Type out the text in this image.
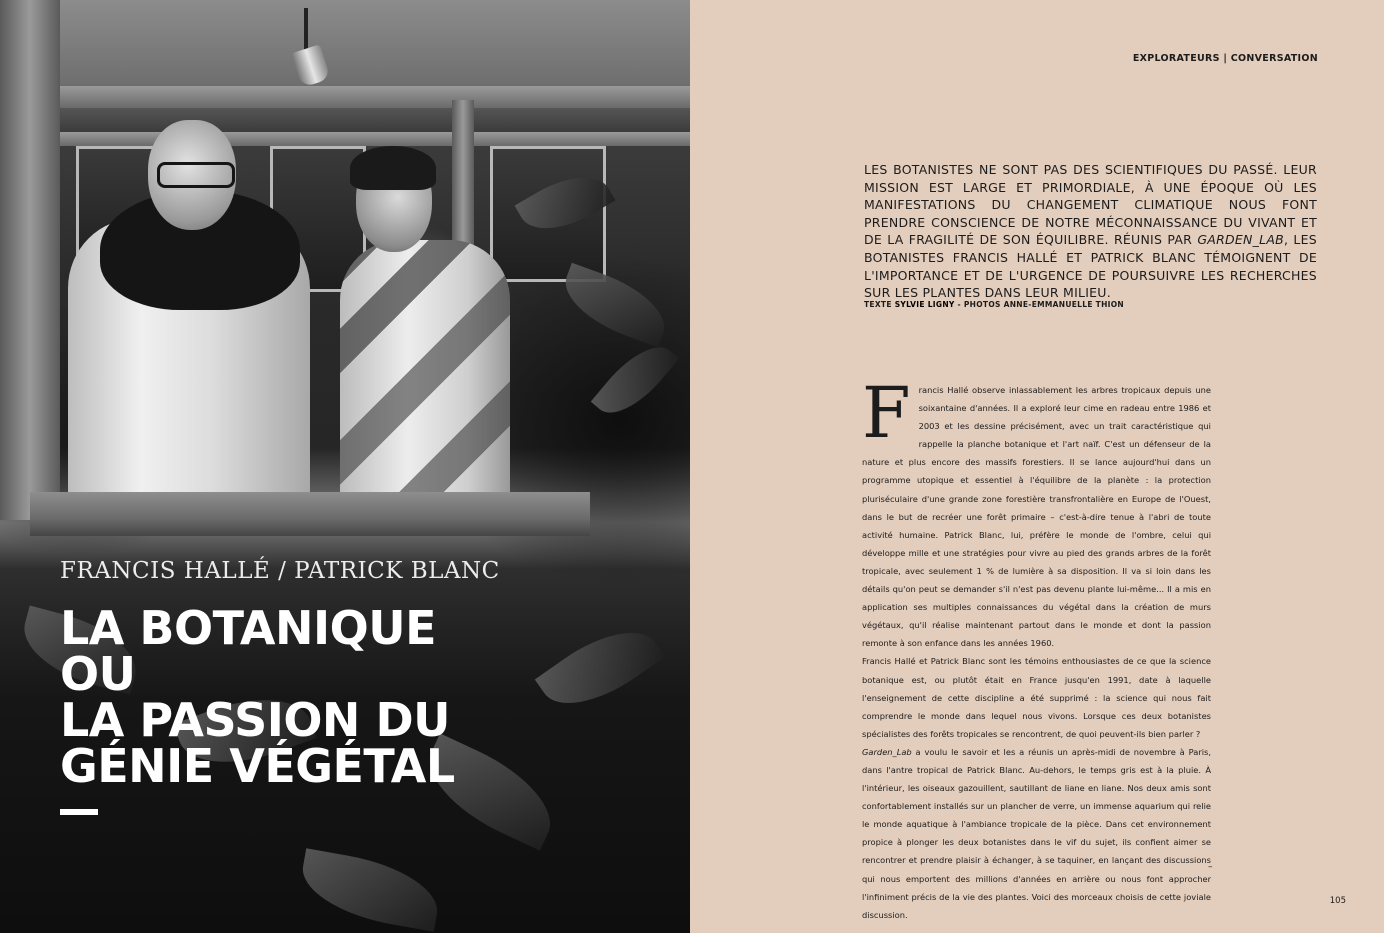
FRANCIS HALLÉ / PATRICK BLANC
LA BOTANIQUE
OU
LA PASSION DU
GÉNIE VÉGÉTAL
EXPLORATEURS | CONVERSATION
LES BOTANISTES NE SONT PAS DES SCIENTIFIQUES DU PASSÉ. LEUR MISSION EST LARGE ET PRIMORDIALE, À UNE ÉPOQUE OÙ LES MANIFESTATIONS DU CHANGEMENT CLIMATIQUE NOUS FONT PRENDRE CONSCIENCE DE NOTRE MÉCONNAISSANCE DU VIVANT ET DE LA FRAGILITÉ DE SON ÉQUILIBRE. RÉUNIS PAR GARDEN_LAB, LES BOTANISTES FRANCIS HALLÉ ET PATRICK BLANC TÉMOIGNENT DE L'IMPORTANCE ET DE L'URGENCE DE POURSUIVRE LES RECHERCHES SUR LES PLANTES DANS LEUR MILIEU.
TEXTE SYLVIE LIGNY - PHOTOS ANNE-EMMANUELLE THION

Francis Hallé observe inlassablement les arbres tropicaux depuis une soixantaine d'années. Il a exploré leur cime en radeau entre 1986 et 2003 et les dessine précisément, avec un trait caractéristique qui rappelle la planche botanique et l'art naïf. C'est un défenseur de la nature et plus encore des massifs forestiers. Il se lance aujourd'hui dans un programme utopique et essentiel à l'équilibre de la planète : la protection pluriséculaire d'une grande zone forestière transfrontalière en Europe de l'Ouest, dans le but de recréer une forêt primaire – c'est-à-dire tenue à l'abri de toute activité humaine. Patrick Blanc, lui, préfère le monde de l'ombre, celui qui développe mille et une stratégies pour vivre au pied des grands arbres de la forêt tropicale, avec seulement 1 % de lumière à sa disposition. Il va si loin dans les détails qu'on peut se demander s'il n'est pas devenu plante lui-même... Il a mis en application ses multiples connaissances du végétal dans la création de murs végétaux, qu'il réalise maintenant partout dans le monde et dont la passion remonte à son enfance dans les années 1960.

Francis Hallé et Patrick Blanc sont les témoins enthousiastes de ce que la science botanique est, ou plutôt était en France jusqu'en 1991, date à laquelle l'enseignement de cette discipline a été supprimé : la science qui nous fait comprendre le monde dans lequel nous vivons. Lorsque ces deux botanistes spécialistes des forêts tropicales se rencontrent, de quoi peuvent-ils bien parler ?

Garden_Lab a voulu le savoir et les a réunis un après-midi de novembre à Paris, dans l'antre tropical de Patrick Blanc. Au-dehors, le temps gris est à la pluie. À l'intérieur, les oiseaux gazouillent, sautillant de liane en liane. Nos deux amis sont confortablement installés sur un plancher de verre, un immense aquarium qui relie le monde aquatique à l'ambiance tropicale de la pièce. Dans cet environnement propice à plonger les deux botanistes dans le vif du sujet, ils confient aimer se rencontrer et prendre plaisir à échanger, à se taquiner, en lançant des discussions qui nous emportent des millions d'années en arrière ou nous font approcher l'infiniment précis de la vie des plantes. Voici des morceaux choisis de cette joviale discussion.

–
105
